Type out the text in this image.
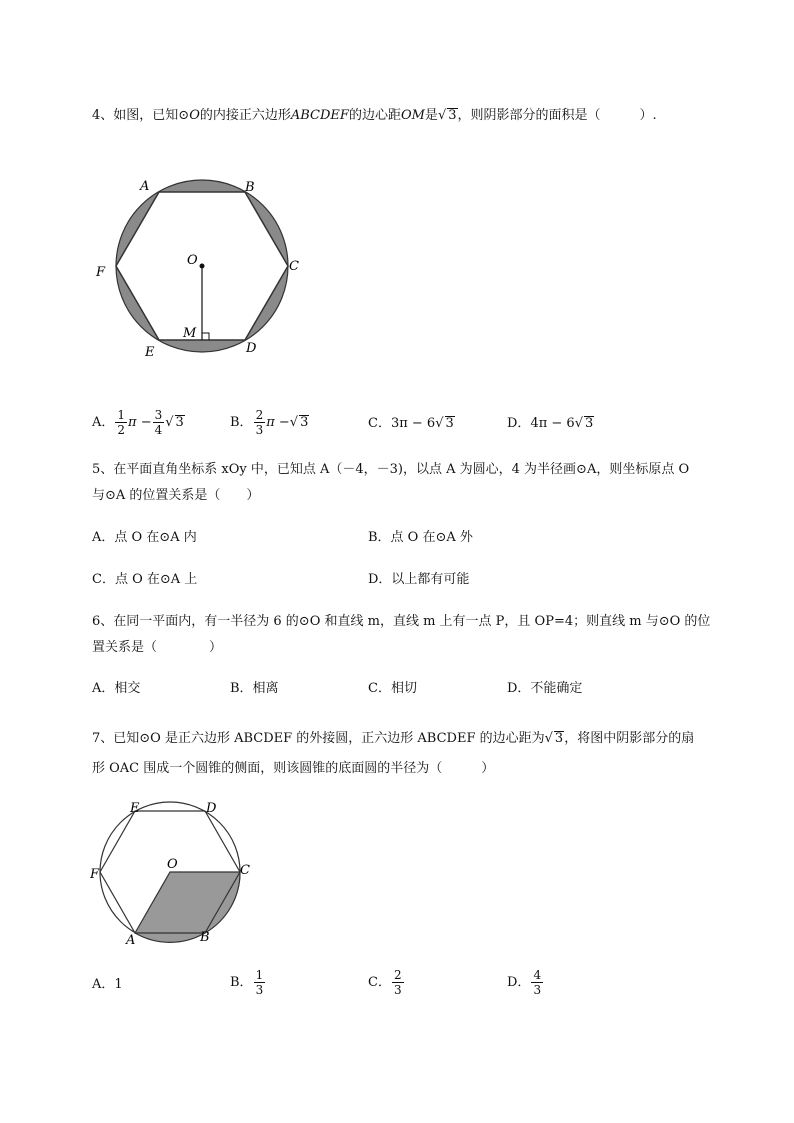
4、如图，已知⊙O的内接正六边形ABCDEF的边心距OM是√ 3，则阴影部分的面积是（　　　）.
A	B
C
D
E
F
O
M
A． $\frac{1}{2}$ $\pi - \frac{3}{4}$ √ 3	B． $\frac{2}{3}$ π −√ 3	C．3π − 6√ 3	D．4π − 6√ 3
5、在平面直角坐标系 xOy 中，已知点 A（－4，－3)，以点 A 为圆心，4 为半径画⊙A，则坐标原点 O
与⊙A 的位置关系是（　　）
A．点 O 在⊙A 内	B．点 O 在⊙A 外
C．点 O 在⊙A 上	D．以上都有可能
6、在同一平面内，有一半径为 6 的⊙O 和直线 m，直线 m 上有一点 P，且 OP=4；则直线 m 与⊙O 的位
置关系是（　　　　）
A．相交	B．相离	C．相切	D．不能确定
7、已知⊙O 是正六边形 ABCDEF 的外接圆，正六边形 ABCDEF 的边心距为√ 3，将图中阴影部分的扇
形 OAC 围成一个圆锥的侧面，则该圆锥的底面圆的半径为（　　　）
E	D
F
O	C
A	B
A．1	B． $\frac{1}{3}$	C． $\frac{2}{3}$	D． $\frac{4}{3}$
